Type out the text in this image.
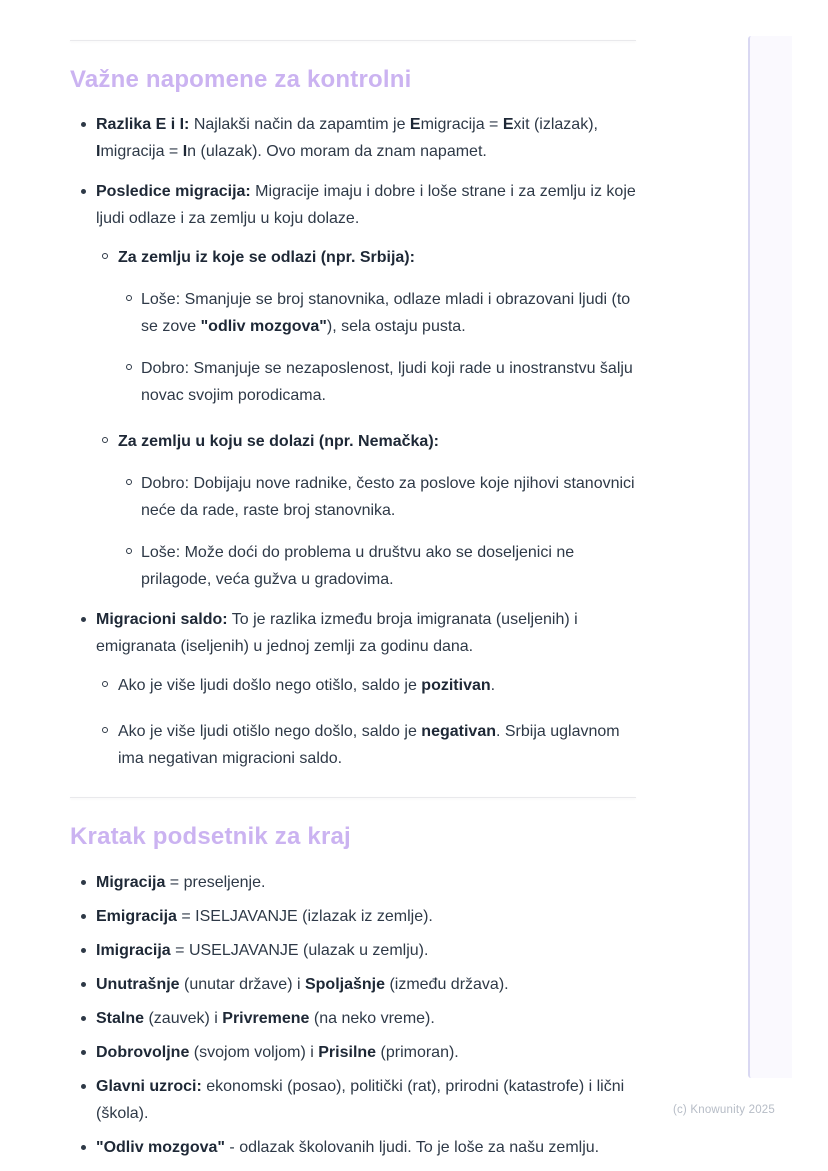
Važne napomene za kontrolni
Razlika E i I: Najlakši način da zapamtim je Emigracija = Exit (izlazak), Imigracija = In (ulazak). Ovo moram da znam napamet.
Posledice migracija: Migracije imaju i dobre i loše strane i za zemlju iz koje ljudi odlaze i za zemlju u koju dolaze.
Za zemlju iz koje se odlazi (npr. Srbija):
Loše: Smanjuje se broj stanovnika, odlaze mladi i obrazovani ljudi (to se zove "odliv mozgova"), sela ostaju pusta.
Dobro: Smanjuje se nezaposlenost, ljudi koji rade u inostranstvu šalju novac svojim porodicama.
Za zemlju u koju se dolazi (npr. Nemačka):
Dobro: Dobijaju nove radnike, često za poslove koje njihovi stanovnici neće da rade, raste broj stanovnika.
Loše: Može doći do problema u društvu ako se doseljenici ne prilagode, veća gužva u gradovima.
Migracioni saldo: To je razlika između broja imigranata (useljenih) i emigranata (iseljenih) u jednoj zemlji za godinu dana.
Ako je više ljudi došlo nego otišlo, saldo je pozitivan.
Ako je više ljudi otišlo nego došlo, saldo je negativan. Srbija uglavnom ima negativan migracioni saldo.
Kratak podsetnik za kraj
Migracija = preseljenje.
Emigracija = ISELJAVANJE (izlazak iz zemlje).
Imigracija = USELJAVANJE (ulazak u zemlju).
Unutrašnje (unutar države) i Spoljašnje (između država).
Stalne (zauvek) i Privremene (na neko vreme).
Dobrovoljne (svojom voljom) i Prisilne (primoran).
Glavni uzroci: ekonomski (posao), politički (rat), prirodni (katastrofe) i lični (škola).
"Odliv mozgova" - odlazak školovanih ljudi. To je loše za našu zemlju.
(c) Knowunity 2025
